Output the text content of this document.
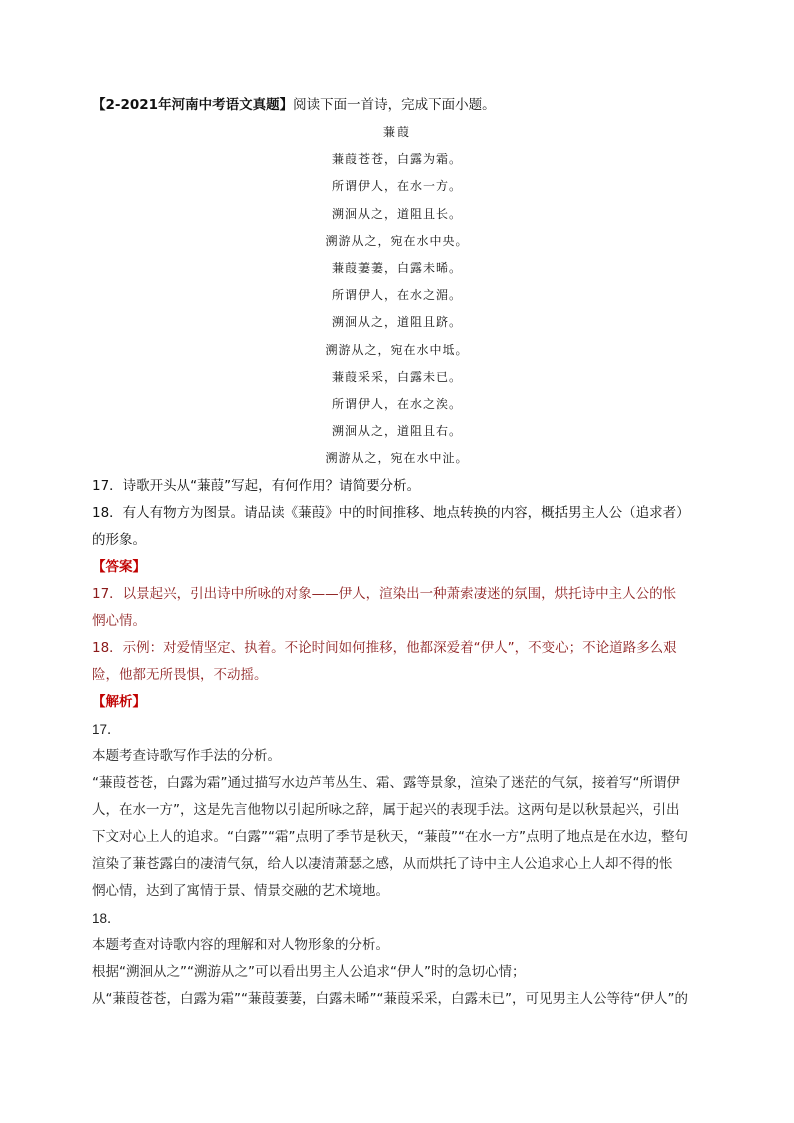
【2-2021年河南中考语文真题】阅读下面一首诗，完成下面小题。
蒹葭
蒹葭苍苍，白露为霜。
所谓伊人，在水一方。
溯洄从之，道阻且长。
溯游从之，宛在水中央。
蒹葭萋萋，白露未晞。
所谓伊人，在水之湄。
溯洄从之，道阻且跻。
溯游从之，宛在水中坻。
蒹葭采采，白露未已。
所谓伊人，在水之涘。
溯洄从之，道阻且右。
溯游从之，宛在水中沚。
17．诗歌开头从“蒹葭”写起，有何作用？请简要分析。
18．有人有物方为图景。请品读《蒹葭》中的时间推移、地点转换的内容，概括男主人公（追求者）
的形象。
【答案】
17．以景起兴，引出诗中所咏的对象——伊人，渲染出一种萧索凄迷的氛围，烘托诗中主人公的怅
惘心情。
18．示例：对爱情坚定、执着。不论时间如何推移，他都深爱着“伊人”，不变心；不论道路多么艰
险，他都无所畏惧，不动摇。
【解析】
17．
本题考查诗歌写作手法的分析。
“蒹葭苍苍，白露为霜”通过描写水边芦苇丛生、霜、露等景象，渲染了迷茫的气氛，接着写“所谓伊
人，在水一方”，这是先言他物以引起所咏之辞，属于起兴的表现手法。这两句是以秋景起兴，引出
下文对心上人的追求。“白露”“霜”点明了季节是秋天，“蒹葭”“在水一方”点明了地点是在水边，整句
渲染了蒹苍露白的凄清气氛，给人以凄清萧瑟之感，从而烘托了诗中主人公追求心上人却不得的怅
惘心情，达到了寓情于景、情景交融的艺术境地。
18．
本题考查对诗歌内容的理解和对人物形象的分析。
根据“溯洄从之”“溯游从之”可以看出男主人公追求“伊人”时的急切心情；
从“蒹葭苍苍，白露为霜”“蒹葭萋萋，白露未晞”“蒹葭采采，白露未已”，可见男主人公等待“伊人”的
